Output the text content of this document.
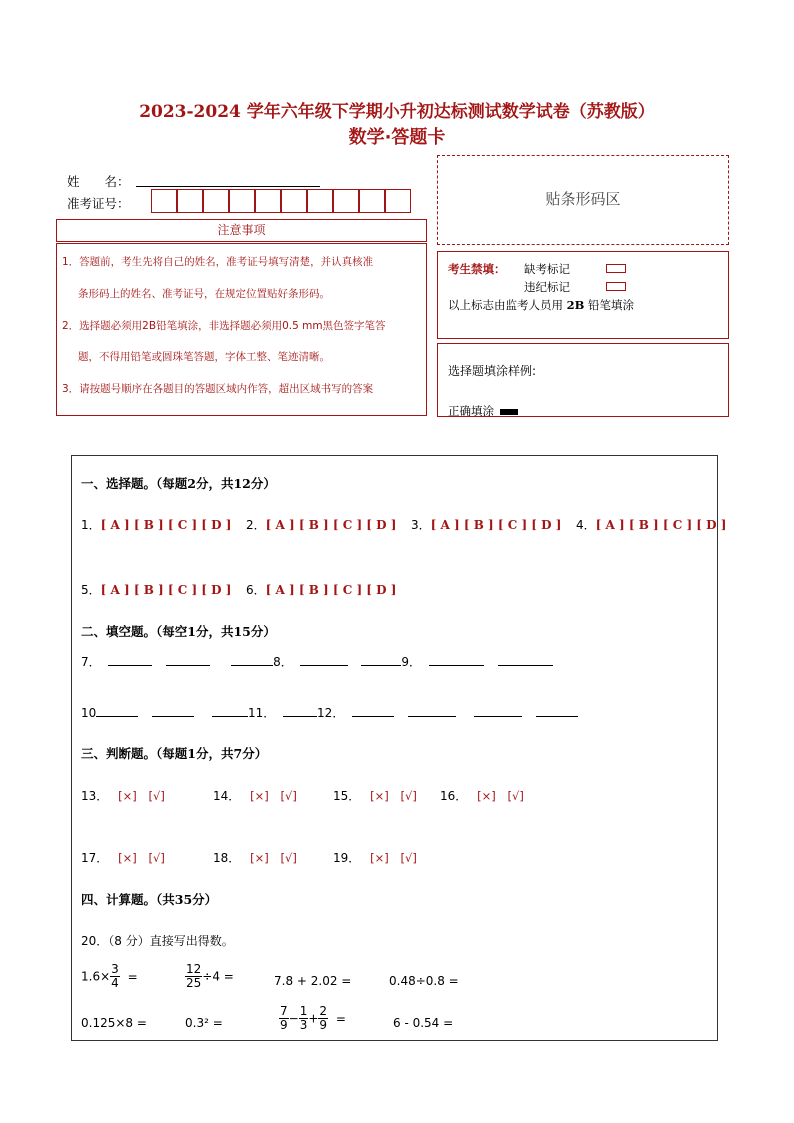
2023-2024 学年六年级下学期小升初达标测试数学试卷（苏教版）
数学·答题卡
姓　　名：
准考证号：	贴条形码区
注意事项
1．答题前，考生先将自己的姓名，准考证号填写清楚，并认真核准
条形码上的姓名、准考证号，在规定位置贴好条形码。
2．选择题必须用2B铅笔填涂，非选择题必须用0.5 mm黑色签字笔答
题，不得用铅笔或圆珠笔答题，字体工整、笔迹清晰。
3．请按题号顺序在各题目的答题区域内作答，超出区域书写的答案
考生禁填： 缺考标记
违纪标记
以上标志由监考人员用 2B 铅笔填涂
选择题填涂样例:
正确填涂
一、选择题。（每题2分，共12分）
1．[ A ] [ B ] [ C ] [ D ] 2．[ A ] [ B ] [ C ] [ D ] 3．[ A ] [ B ] [ C ] [ D ] 4．[ A ] [ B ] [ C ] [ D ]
5．[ A ] [ B ] [ C ] [ D ] 6．[ A ] [ B ] [ C ] [ D ]
二、填空题。（每空1分，共15分）
7．	8．	9．
10	11．	12．
三、判断题。（每题1分，共7分）
13． [×] [√]	14． [×] [√]	15． [×] [√] 16． [×] [√]
17． [×] [√]	18． [×] [√]	19． [×] [√]
四、计算题。（共35分）
20．（8 分）直接写出得数。
$1.6\times \frac{3}{4}$ =	$\frac{12}{25} \div 4$ =	7.8 + 2.02 =	0.48÷0.8 =
0.125×8 =	0.3² =	$\frac{7}{9} - \frac{1}{3} + \frac{2}{9}$ =	6 - 0.54 =
